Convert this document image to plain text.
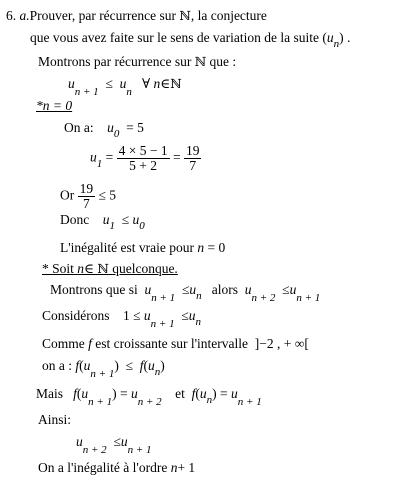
6. a.Prouver, par récurrence sur ℕ, la conjecture
que vous avez faite sur le sens de variation de la suite $(u_n)$ .
Montrons par récurrence sur ℕ que :
$u_{n + 1} \le u_n$   ∀ n∈ℕ
*n = 0
On a: $u_0 = 5$
$u_1 = \frac{4 \times 5 - 1}{5 + 2} = \frac{19}{7}$
Or $\frac{19}{7} \le 5$
Donc $u_1 \le u_0$
L'inégalité est vraie pour n = 0
* Soit n∈ ℕ quelconque.
Montrons que si $u_{n + 1} \le u_n$ alors $u_{n + 2} \le u_{n + 1}$
Considérons $1 \le u_{n + 1} \le u_n$
Comme f est croissante sur l'intervalle ]−2 , + ∞[
on a : $f(u_{n + 1}) \le f(u_n)$
Mais $f(u_{n + 1}) = u_{n + 2}$    et $f(u_n) = u_{n + 1}$
Ainsi:
$u_{n + 2} \le u_{n + 1}$
On a l'inégalité à l'ordre n+ 1
